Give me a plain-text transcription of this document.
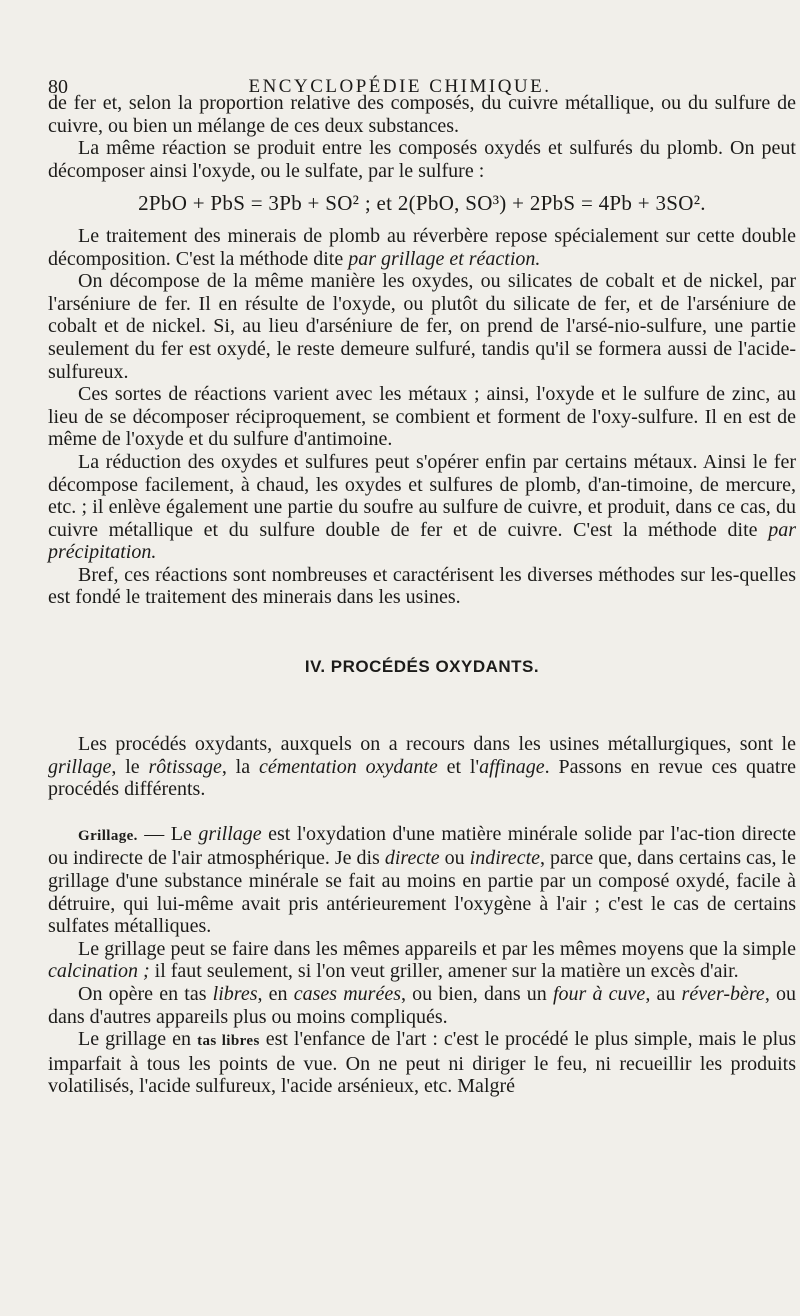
80	ENCYCLOPÉDIE CHIMIQUE.

de fer et, selon la proportion relative des composés, du cuivre métallique, ou du sulfure de cuivre, ou bien un mélange de ces deux substances.

La même réaction se produit entre les composés oxydés et sulfurés du plomb. On peut décomposer ainsi l'oxyde, ou le sulfate, par le sulfure :

2PbO + PbS = 3Pb + SO² ; et 2(PbO, SO³) + 2PbS = 4Pb + 3SO².

Le traitement des minerais de plomb au réverbère repose spécialement sur cette double décomposition. C'est la méthode dite par grillage et réaction.

On décompose de la même manière les oxydes, ou silicates de cobalt et de nickel, par l'arséniure de fer. Il en résulte de l'oxyde, ou plutôt du silicate de fer, et de l'arséniure de cobalt et de nickel. Si, au lieu d'arséniure de fer, on prend de l'arsé-nio-sulfure, une partie seulement du fer est oxydé, le reste demeure sulfuré, tandis qu'il se formera aussi de l'acide-sulfureux.

Ces sortes de réactions varient avec les métaux ; ainsi, l'oxyde et le sulfure de zinc, au lieu de se décomposer réciproquement, se combient et forment de l'oxy-sulfure. Il en est de même de l'oxyde et du sulfure d'antimoine.

La réduction des oxydes et sulfures peut s'opérer enfin par certains métaux. Ainsi le fer décompose facilement, à chaud, les oxydes et sulfures de plomb, d'an-timoine, de mercure, etc. ; il enlève également une partie du soufre au sulfure de cuivre, et produit, dans ce cas, du cuivre métallique et du sulfure double de fer et de cuivre. C'est la méthode dite par précipitation.

Bref, ces réactions sont nombreuses et caractérisent les diverses méthodes sur les-quelles est fondé le traitement des minerais dans les usines.

IV. PROCÉDÉS OXYDANTS.

Les procédés oxydants, auxquels on a recours dans les usines métallurgiques, sont le grillage, le rôtissage, la cémentation oxydante et l'affinage. Passons en revue ces quatre procédés différents.

Grillage. — Le grillage est l'oxydation d'une matière minérale solide par l'ac-tion directe ou indirecte de l'air atmosphérique. Je dis directe ou indirecte, parce que, dans certains cas, le grillage d'une substance minérale se fait au moins en partie par un composé oxydé, facile à détruire, qui lui-même avait pris antérieurement l'oxygène à l'air ; c'est le cas de certains sulfates métalliques.

Le grillage peut se faire dans les mêmes appareils et par les mêmes moyens que la simple calcination ; il faut seulement, si l'on veut griller, amener sur la matière un excès d'air.

On opère en tas libres, en cases murées, ou bien, dans un four à cuve, au réver-bère, ou dans d'autres appareils plus ou moins compliqués.

Le grillage en tas libres est l'enfance de l'art : c'est le procédé le plus simple, mais le plus imparfait à tous les points de vue. On ne peut ni diriger le feu, ni recueillir les produits volatilisés, l'acide sulfureux, l'acide arsénieux, etc. Malgré
